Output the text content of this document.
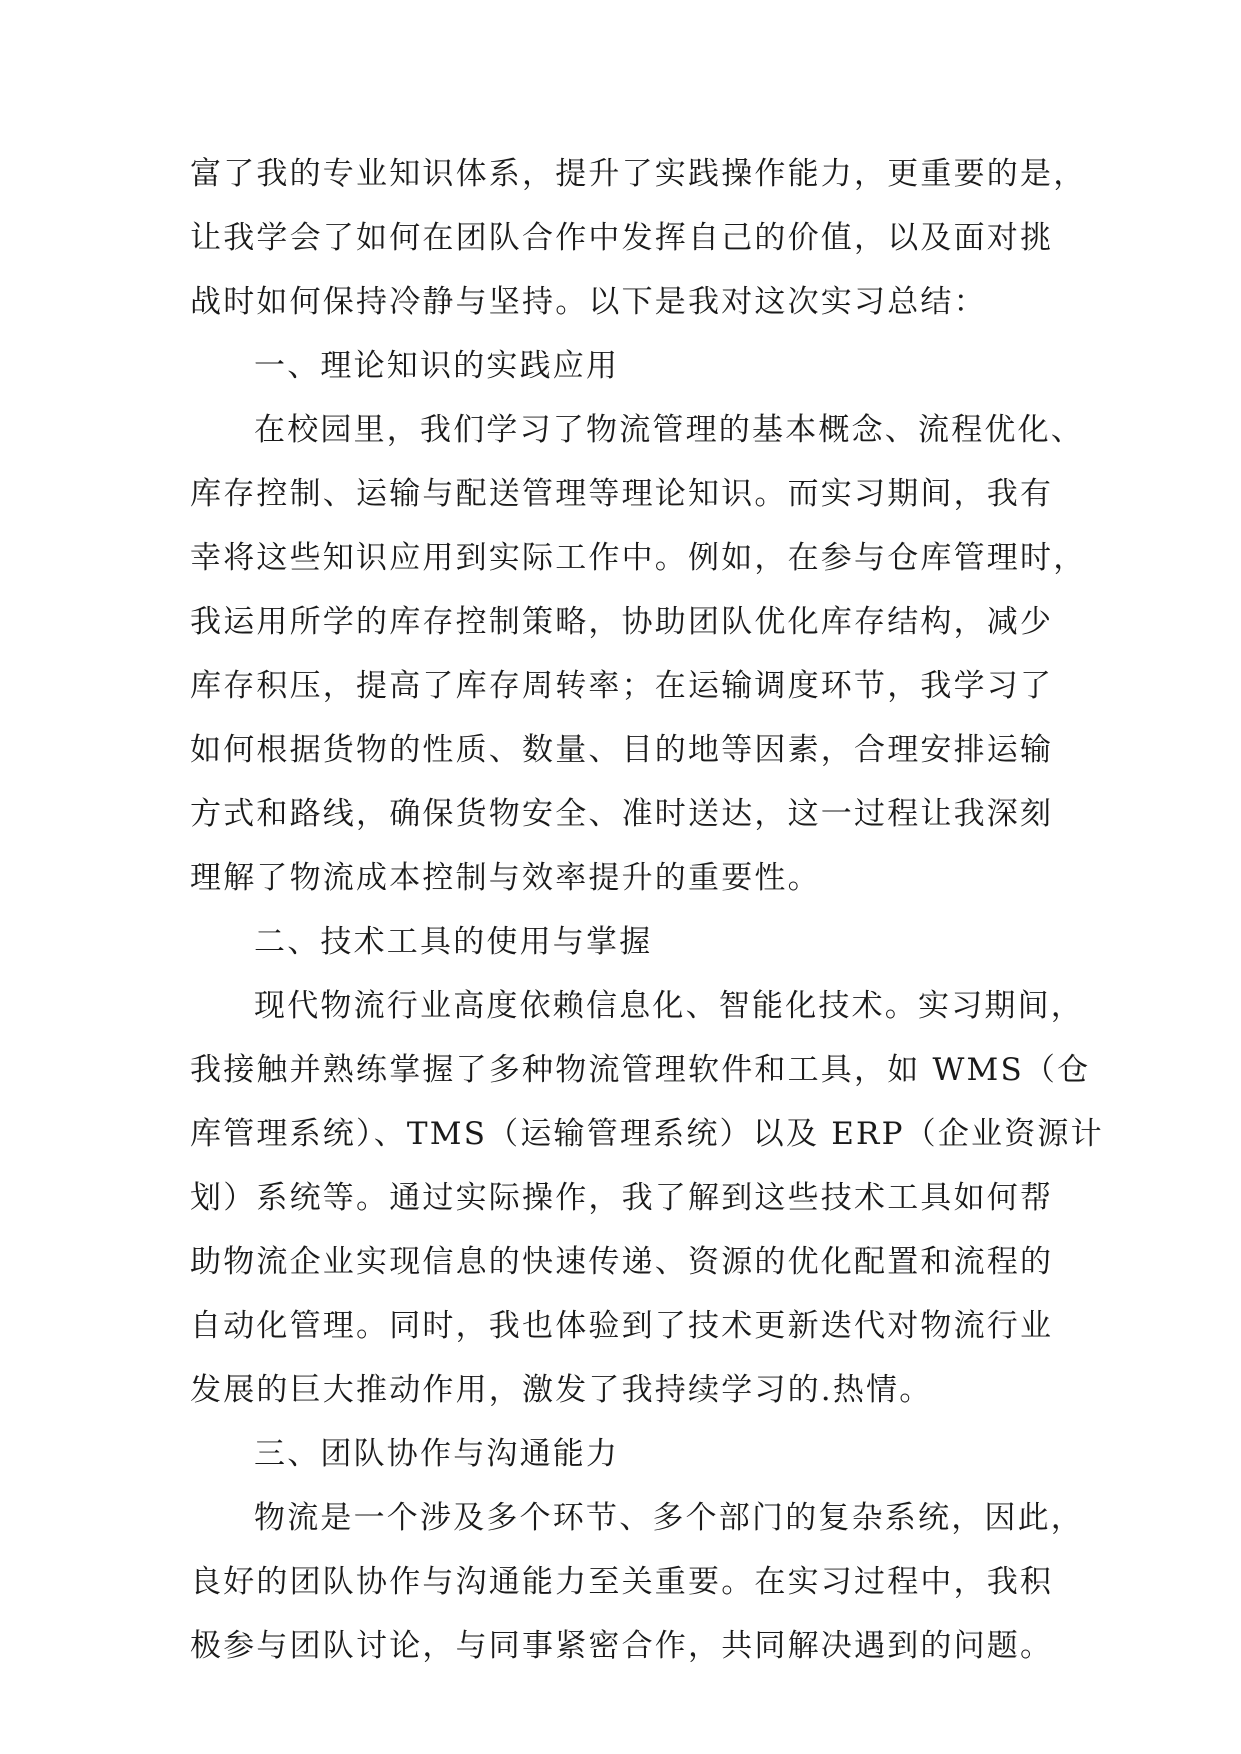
富了我的专业知识体系，提升了实践操作能力，更重要的是，
让我学会了如何在团队合作中发挥自己的价值，以及面对挑
战时如何保持冷静与坚持。以下是我对这次实习总结：
一、理论知识的实践应用
在校园里，我们学习了物流管理的基本概念、流程优化、
库存控制、运输与配送管理等理论知识。而实习期间，我有
幸将这些知识应用到实际工作中。例如，在参与仓库管理时，
我运用所学的库存控制策略，协助团队优化库存结构，减少
库存积压，提高了库存周转率；在运输调度环节，我学习了
如何根据货物的性质、数量、目的地等因素，合理安排运输
方式和路线，确保货物安全、准时送达，这一过程让我深刻
理解了物流成本控制与效率提升的重要性。
二、技术工具的使用与掌握
现代物流行业高度依赖信息化、智能化技术。实习期间，
我接触并熟练掌握了多种物流管理软件和工具，如 WMS（仓
库管理系统）、TMS（运输管理系统）以及 ERP（企业资源计
划）系统等。通过实际操作，我了解到这些技术工具如何帮
助物流企业实现信息的快速传递、资源的优化配置和流程的
自动化管理。同时，我也体验到了技术更新迭代对物流行业
发展的巨大推动作用，激发了我持续学习的.热情。
三、团队协作与沟通能力
物流是一个涉及多个环节、多个部门的复杂系统，因此，
良好的团队协作与沟通能力至关重要。在实习过程中，我积
极参与团队讨论，与同事紧密合作，共同解决遇到的问题。
